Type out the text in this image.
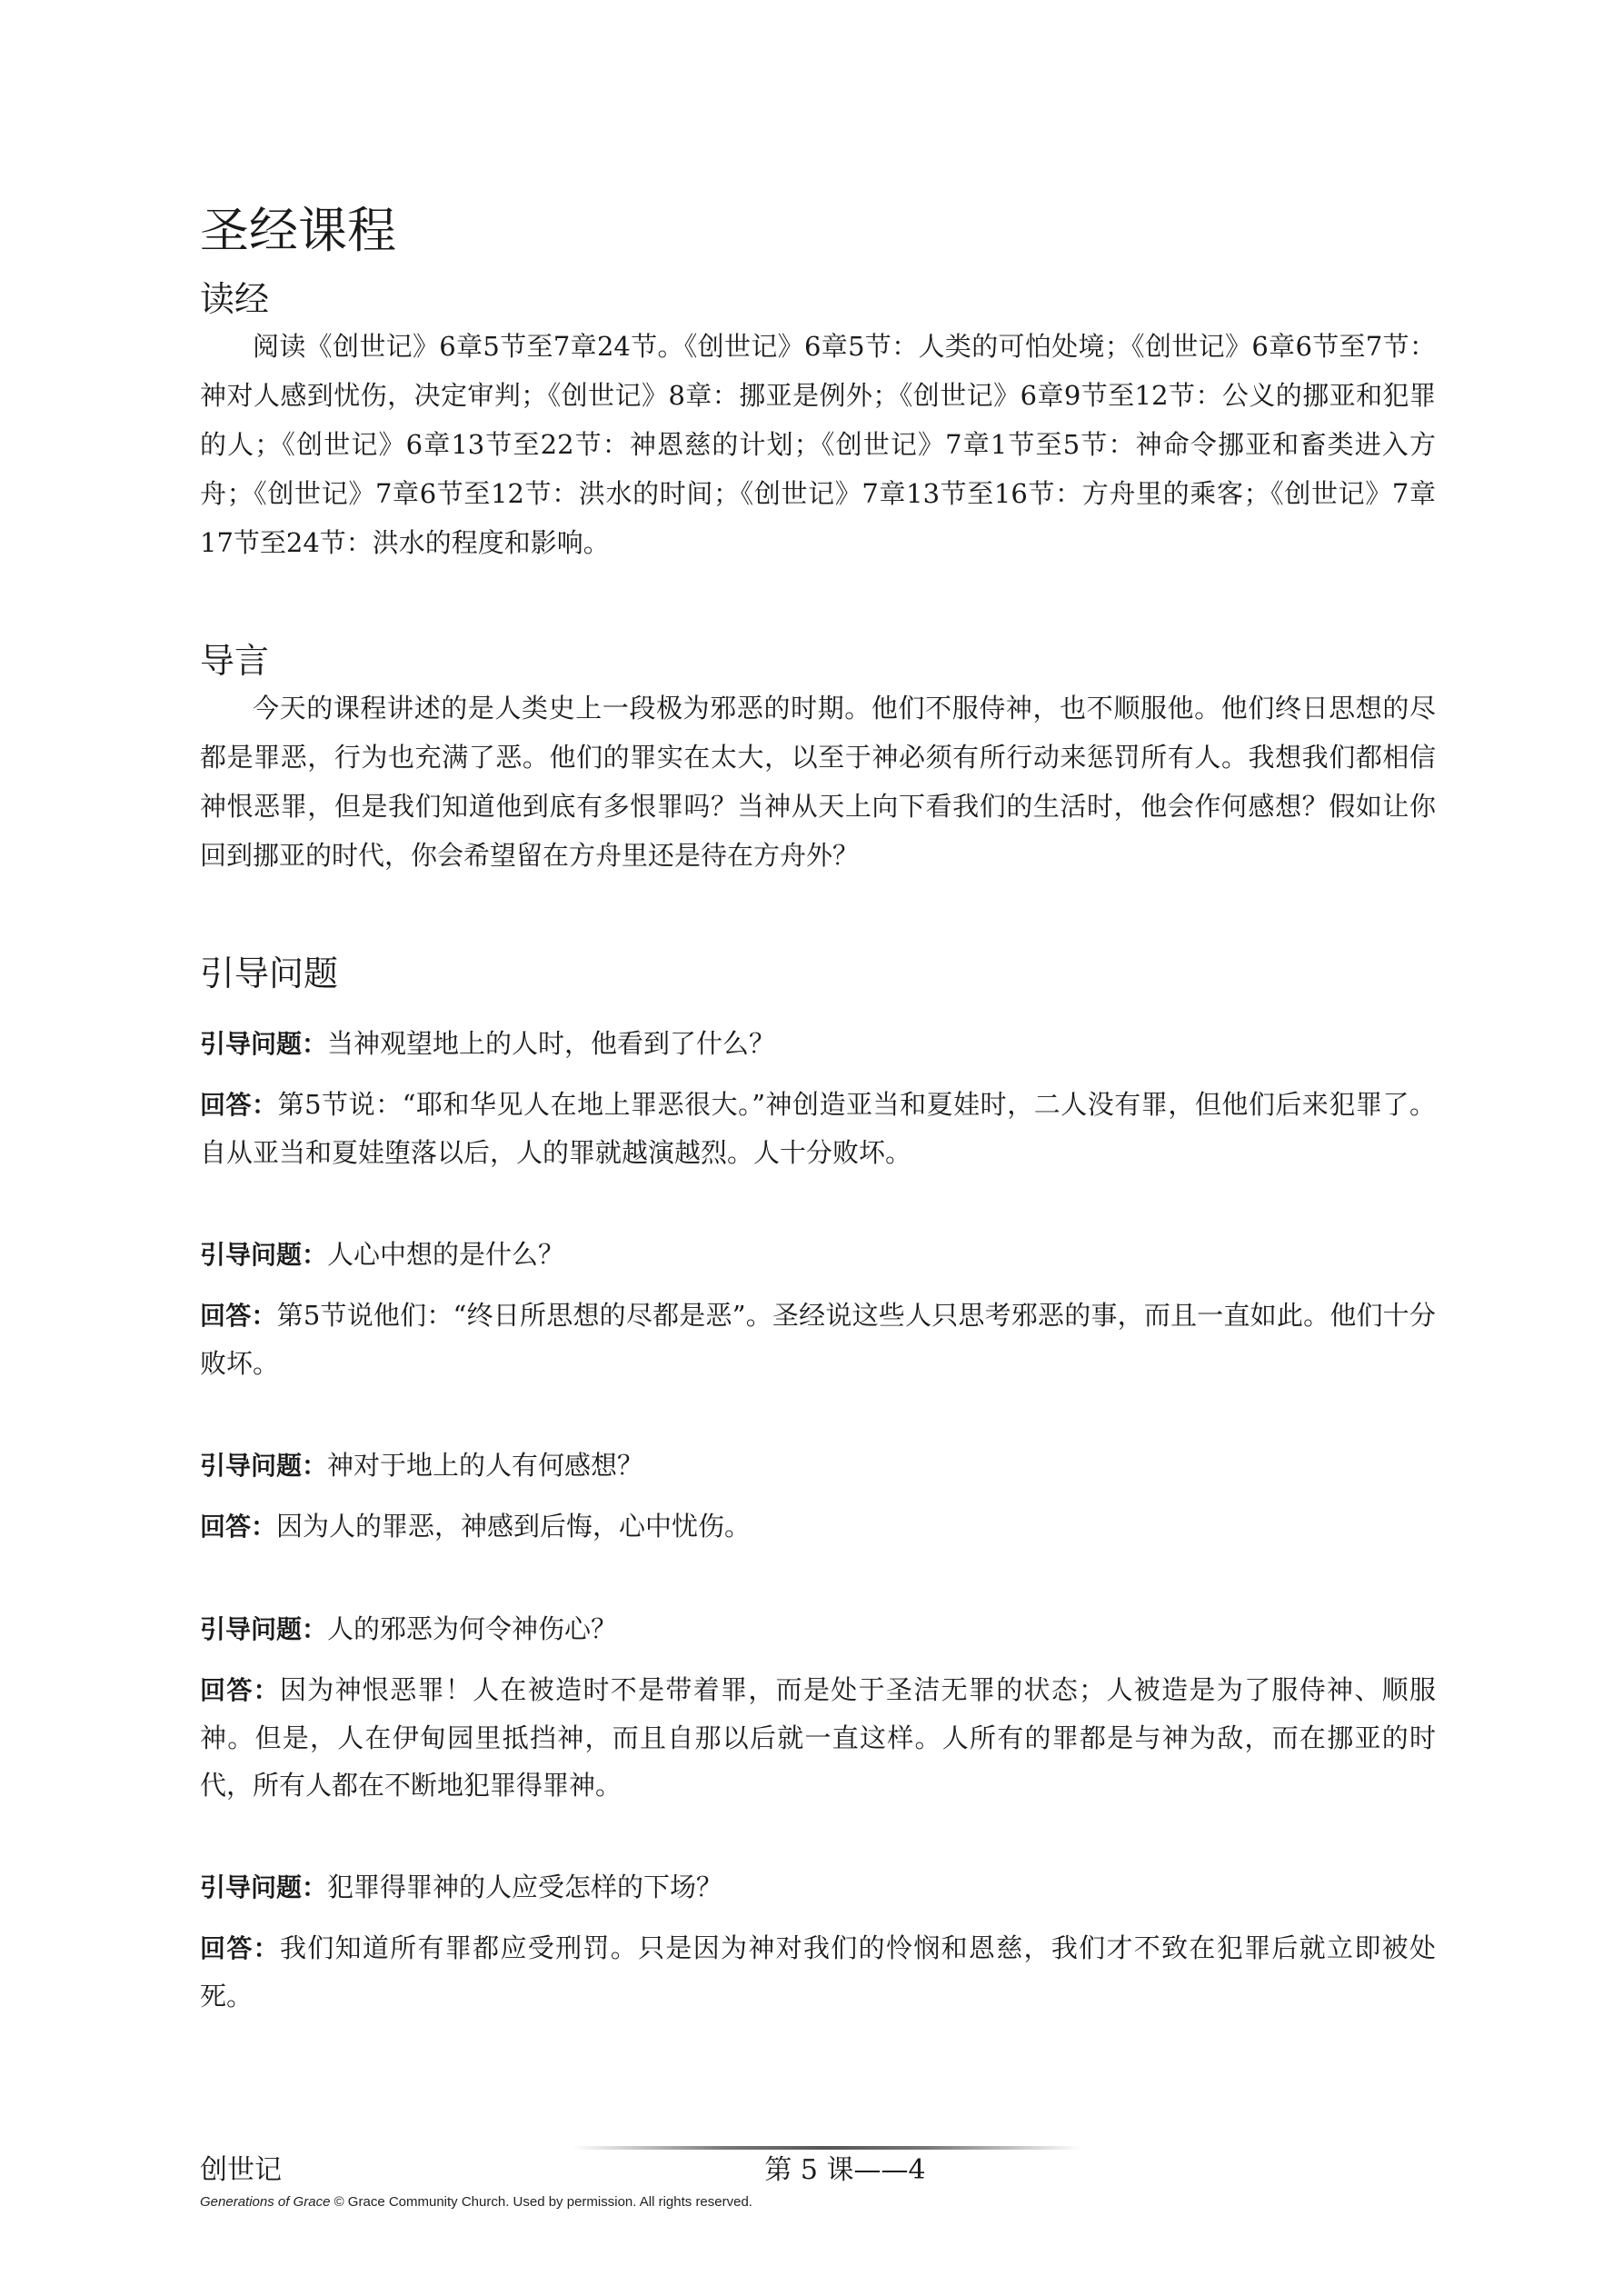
圣经课程
读经

阅读《创世记》6章5节至7章24节。《创世记》6章5节：人类的可怕处境；《创世记》6章6节至7节：神对人感到忧伤，决定审判；《创世记》8章：挪亚是例外；《创世记》6章9节至12节：公义的挪亚和犯罪的人；《创世记》6章13节至22节：神恩慈的计划；《创世记》7章1节至5节：神命令挪亚和畜类进入方舟；《创世记》7章6节至12节：洪水的时间；《创世记》7章13节至16节：方舟里的乘客；《创世记》7章17节至24节：洪水的程度和影响。

导言

今天的课程讲述的是人类史上一段极为邪恶的时期。他们不服侍神，也不顺服他。他们终日思想的尽都是罪恶，行为也充满了恶。他们的罪实在太大，以至于神必须有所行动来惩罚所有人。我想我们都相信神恨恶罪，但是我们知道他到底有多恨罪吗？当神从天上向下看我们的生活时，他会作何感想？假如让你回到挪亚的时代，你会希望留在方舟里还是待在方舟外？

引导问题

引导问题：当神观望地上的人时，他看到了什么？

回答：第5节说：“耶和华见人在地上罪恶很大。”神创造亚当和夏娃时，二人没有罪，但他们后来犯罪了。自从亚当和夏娃堕落以后，人的罪就越演越烈。人十分败坏。

引导问题：人心中想的是什么？

回答：第5节说他们：“终日所思想的尽都是恶”。圣经说这些人只思考邪恶的事，而且一直如此。他们十分败坏。

引导问题：神对于地上的人有何感想？

回答：因为人的罪恶，神感到后悔，心中忧伤。

引导问题：人的邪恶为何令神伤心？

回答：因为神恨恶罪！人在被造时不是带着罪，而是处于圣洁无罪的状态；人被造是为了服侍神、顺服神。但是，人在伊甸园里抵挡神，而且自那以后就一直这样。人所有的罪都是与神为敌，而在挪亚的时代，所有人都在不断地犯罪得罪神。

引导问题：犯罪得罪神的人应受怎样的下场？

回答：我们知道所有罪都应受刑罚。只是因为神对我们的怜悯和恩慈，我们才不致在犯罪后就立即被处死。

创世记	第 5 课——4
Generations of Grace © Grace Community Church. Used by permission. All rights reserved.
